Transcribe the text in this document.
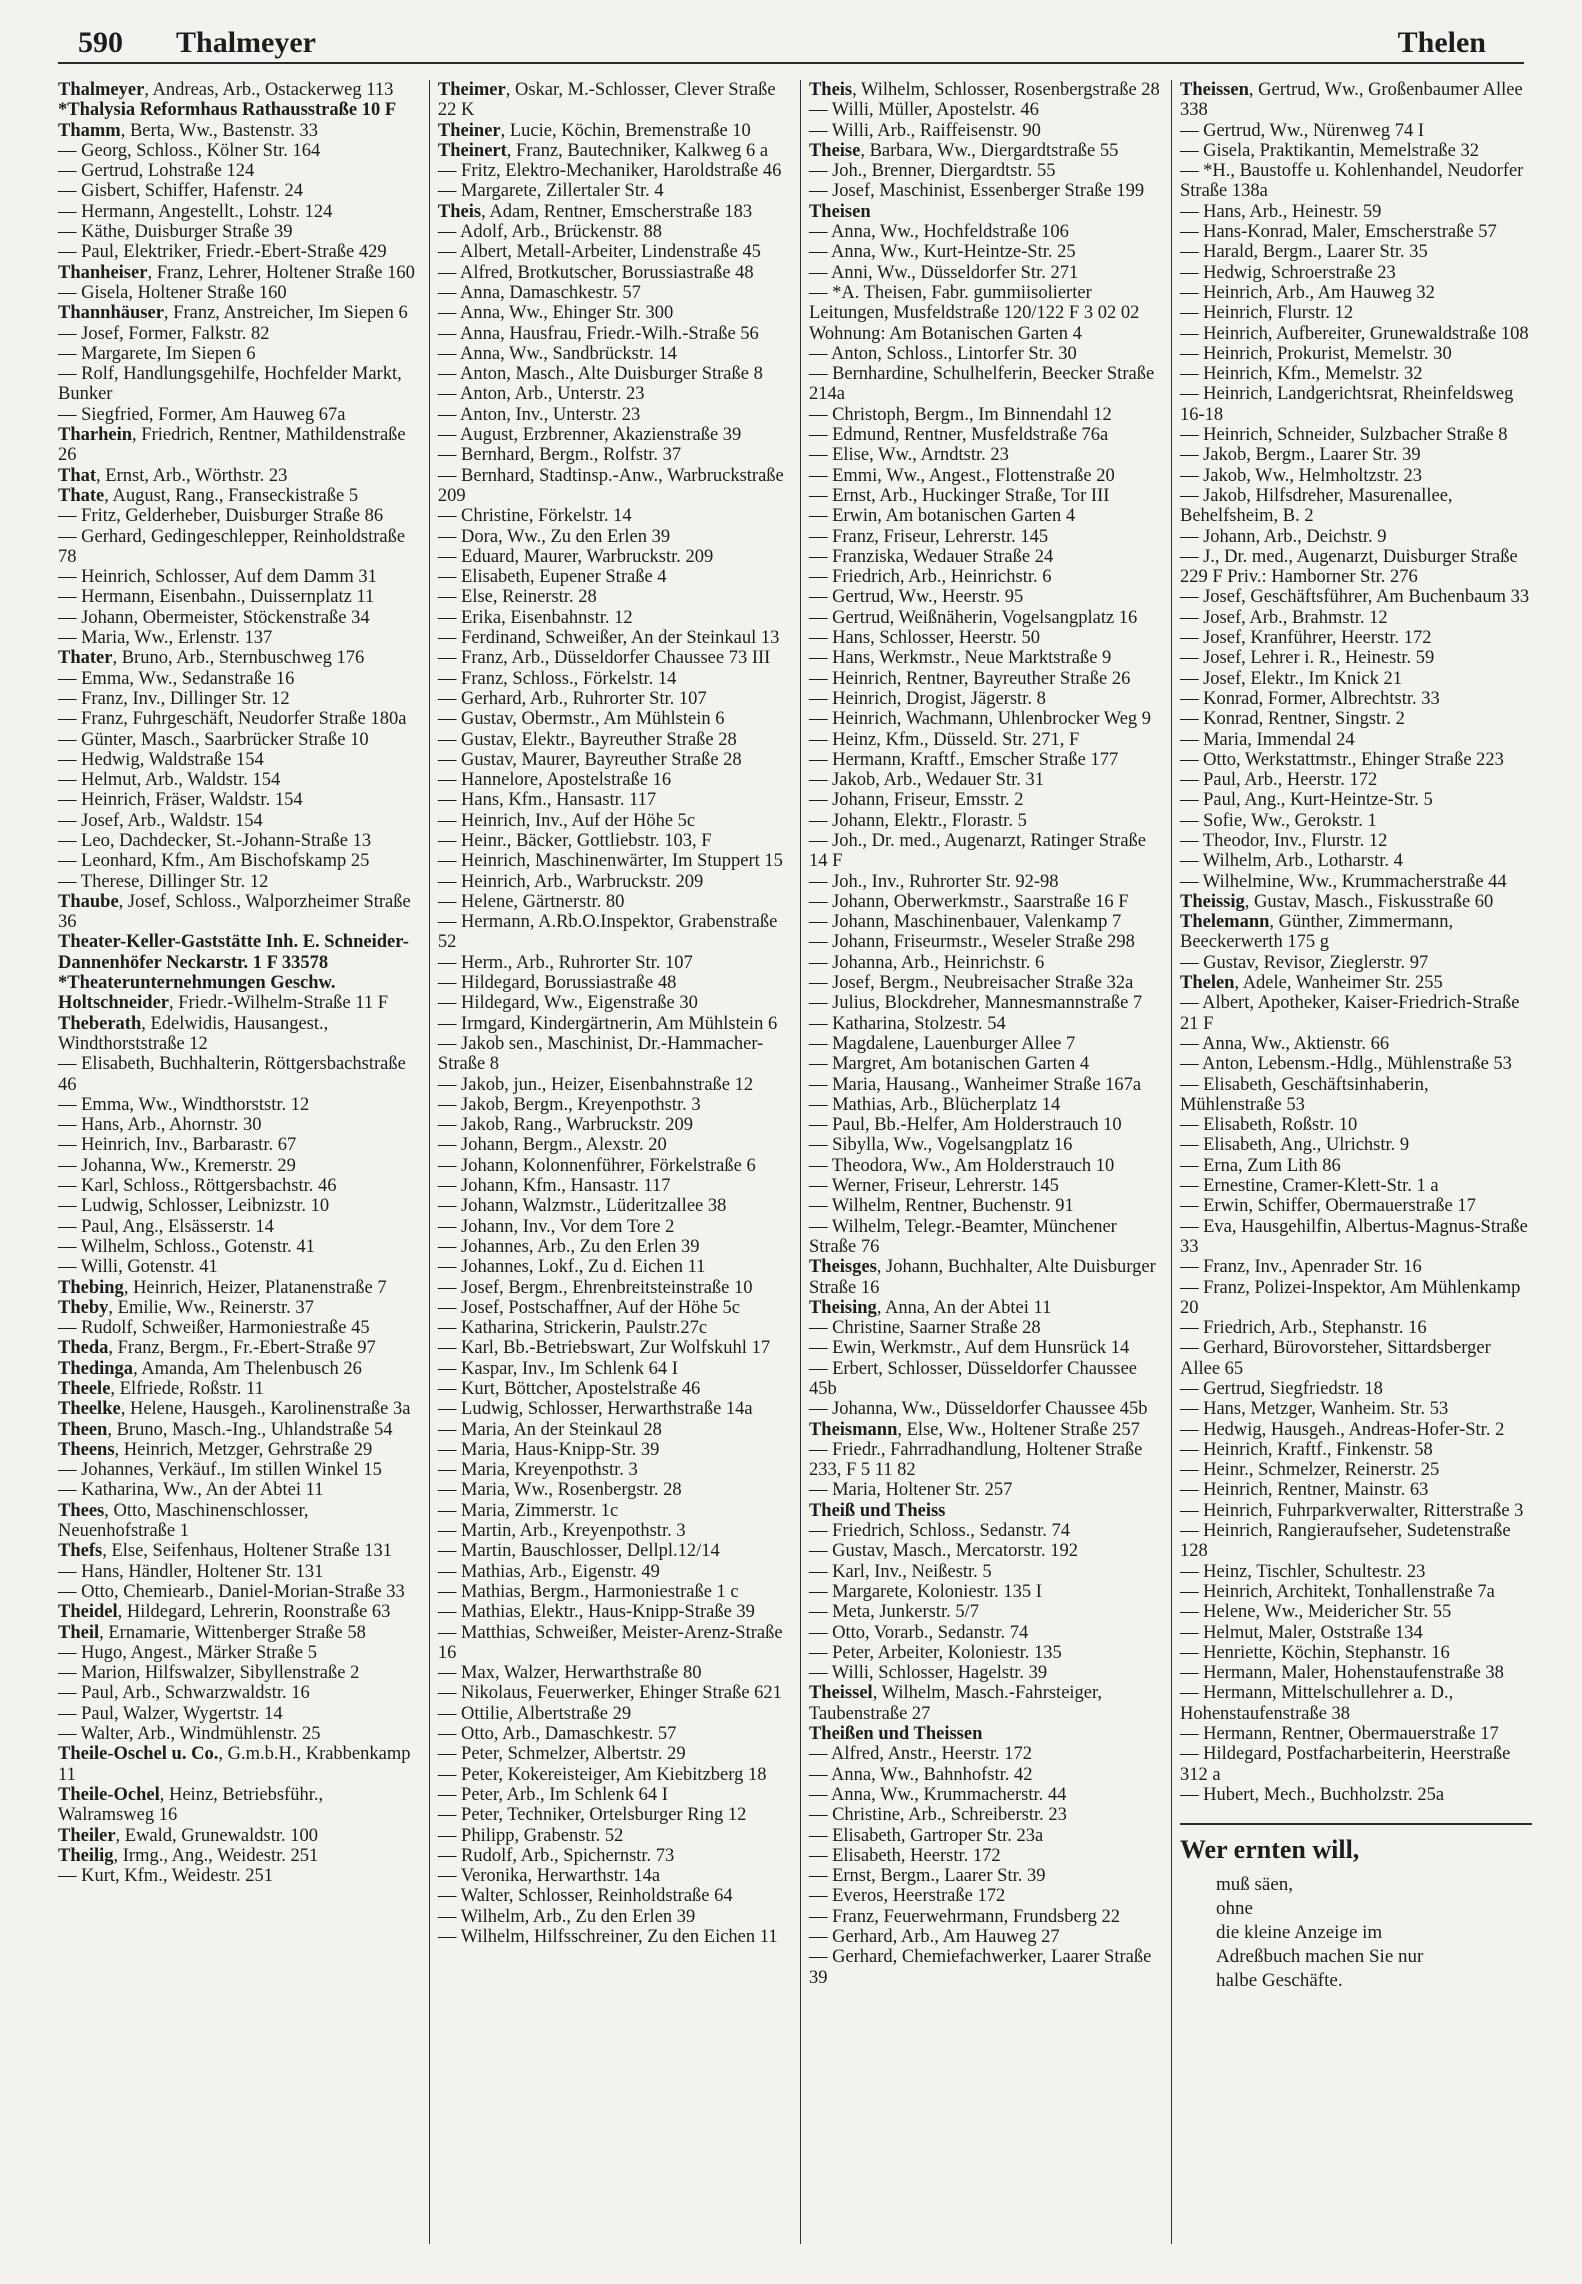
590 Thalmeyer	Thelen

Thalmeyer, Andreas, Arb., Ostackerweg 113

*Thalysia Reformhaus Rathausstraße 10 F

Thamm, Berta, Ww., Bastenstr. 33

— Georg, Schloss., Kölner Str. 164

— Gertrud, Lohstraße 124

— Gisbert, Schiffer, Hafenstr. 24

— Hermann, Angestellt., Lohstr. 124

— Käthe, Duisburger Straße 39

— Paul, Elektriker, Friedr.-Ebert-Straße 429

Thanheiser, Franz, Lehrer, Holtener Straße 160

— Gisela, Holtener Straße 160

Thannhäuser, Franz, Anstreicher, Im Siepen 6

— Josef, Former, Falkstr. 82

— Margarete, Im Siepen 6

— Rolf, Handlungsgehilfe, Hochfelder Markt, Bunker

— Siegfried, Former, Am Hauweg 67a

Tharhein, Friedrich, Rentner, Mathildenstraße 26

That, Ernst, Arb., Wörthstr. 23

Thate, August, Rang., Franseckistraße 5

— Fritz, Gelderheber, Duisburger Straße 86

— Gerhard, Gedingeschlepper, Reinholdstraße 78

— Heinrich, Schlosser, Auf dem Damm 31

— Hermann, Eisenbahn., Duissernplatz 11

— Johann, Obermeister, Stöckenstraße 34

— Maria, Ww., Erlenstr. 137

Thater, Bruno, Arb., Sternbuschweg 176

— Emma, Ww., Sedanstraße 16

— Franz, Inv., Dillinger Str. 12

— Franz, Fuhrgeschäft, Neudorfer Straße 180a

— Günter, Masch., Saarbrücker Straße 10

— Hedwig, Waldstraße 154

— Helmut, Arb., Waldstr. 154

— Heinrich, Fräser, Waldstr. 154

— Josef, Arb., Waldstr. 154

— Leo, Dachdecker, St.-Johann-Straße 13

— Leonhard, Kfm., Am Bischofskamp 25

— Therese, Dillinger Str. 12

Thaube, Josef, Schloss., Walporzheimer Straße 36

Theater-Keller-Gaststätte Inh. E. Schneider-Dannenhöfer Neckarstr. 1 F 33578

*Theaterunternehmungen Geschw. Holtschneider, Friedr.-Wilhelm-Straße 11 F

Theberath, Edelwidis, Hausangest., Windthorststraße 12

— Elisabeth, Buchhalterin, Röttgersbachstraße 46

— Emma, Ww., Windthorststr. 12

— Hans, Arb., Ahornstr. 30

— Heinrich, Inv., Barbarastr. 67

— Johanna, Ww., Kremerstr. 29

— Karl, Schloss., Röttgersbachstr. 46

— Ludwig, Schlosser, Leibnizstr. 10

— Paul, Ang., Elsässerstr. 14

— Wilhelm, Schloss., Gotenstr. 41

— Willi, Gotenstr. 41

Thebing, Heinrich, Heizer, Platanenstraße 7

Theby, Emilie, Ww., Reinerstr. 37

— Rudolf, Schweißer, Harmoniestraße 45

Theda, Franz, Bergm., Fr.-Ebert-Straße 97

Thedinga, Amanda, Am Thelenbusch 26

Theele, Elfriede, Roßstr. 11

Theelke, Helene, Hausgeh., Karolinenstraße 3a

Theen, Bruno, Masch.-Ing., Uhlandstraße 54

Theens, Heinrich, Metzger, Gehrstraße 29

— Johannes, Verkäuf., Im stillen Winkel 15

— Katharina, Ww., An der Abtei 11

Thees, Otto, Maschinenschlosser, Neuenhofstraße 1

Thefs, Else, Seifenhaus, Holtener Straße 131

— Hans, Händler, Holtener Str. 131

— Otto, Chemiearb., Daniel-Morian-Straße 33

Theidel, Hildegard, Lehrerin, Roonstraße 63

Theil, Ernamarie, Wittenberger Straße 58

— Hugo, Angest., Märker Straße 5

— Marion, Hilfswalzer, Sibyllenstraße 2

— Paul, Arb., Schwarzwaldstr. 16

— Paul, Walzer, Wygertstr. 14

— Walter, Arb., Windmühlenstr. 25

Theile-Oschel u. Co., G.m.b.H., Krabbenkamp 11

Theile-Ochel, Heinz, Betriebsführ., Walramsweg 16

Theiler, Ewald, Grunewaldstr. 100

Theilig, Irmg., Ang., Weidestr. 251

— Kurt, Kfm., Weidestr. 251

Theimer, Oskar, M.-Schlosser, Clever Straße 22 K

Theiner, Lucie, Köchin, Bremenstraße 10

Theinert, Franz, Bautechniker, Kalkweg 6 a

— Fritz, Elektro-Mechaniker, Haroldstraße 46

— Margarete, Zillertaler Str. 4

Theis, Adam, Rentner, Emscherstraße 183

— Adolf, Arb., Brückenstr. 88

— Albert, Metall-Arbeiter, Lindenstraße 45

— Alfred, Brotkutscher, Borussiastraße 48

— Anna, Damaschkestr. 57

— Anna, Ww., Ehinger Str. 300

— Anna, Hausfrau, Friedr.-Wilh.-Straße 56

— Anna, Ww., Sandbrückstr. 14

— Anton, Masch., Alte Duisburger Straße 8

— Anton, Arb., Unterstr. 23

— Anton, Inv., Unterstr. 23

— August, Erzbrenner, Akazienstraße 39

— Bernhard, Bergm., Rolfstr. 37

— Bernhard, Stadtinsp.-Anw., Warbruckstraße 209

— Christine, Förkelstr. 14

— Dora, Ww., Zu den Erlen 39

— Eduard, Maurer, Warbruckstr. 209

— Elisabeth, Eupener Straße 4

— Else, Reinerstr. 28

— Erika, Eisenbahnstr. 12

— Ferdinand, Schweißer, An der Steinkaul 13

— Franz, Arb., Düsseldorfer Chaussee 73 III

— Franz, Schloss., Förkelstr. 14

— Gerhard, Arb., Ruhrorter Str. 107

— Gustav, Obermstr., Am Mühlstein 6

— Gustav, Elektr., Bayreuther Straße 28

— Gustav, Maurer, Bayreuther Straße 28

— Hannelore, Apostelstraße 16

— Hans, Kfm., Hansastr. 117

— Heinrich, Inv., Auf der Höhe 5c

— Heinr., Bäcker, Gottliebstr. 103, F

— Heinrich, Maschinenwärter, Im Stuppert 15

— Heinrich, Arb., Warbruckstr. 209

— Helene, Gärtnerstr. 80

— Hermann, A.Rb.O.Inspektor, Grabenstraße 52

— Herm., Arb., Ruhrorter Str. 107

— Hildegard, Borussiastraße 48

— Hildegard, Ww., Eigenstraße 30

— Irmgard, Kindergärtnerin, Am Mühlstein 6

— Jakob sen., Maschinist, Dr.-Hammacher-Straße 8

— Jakob, jun., Heizer, Eisenbahnstraße 12

— Jakob, Bergm., Kreyenpothstr. 3

— Jakob, Rang., Warbruckstr. 209

— Johann, Bergm., Alexstr. 20

— Johann, Kolonnenführer, Förkelstraße 6

— Johann, Kfm., Hansastr. 117

— Johann, Walzmstr., Lüderitzallee 38

— Johann, Inv., Vor dem Tore 2

— Johannes, Arb., Zu den Erlen 39

— Johannes, Lokf., Zu d. Eichen 11

— Josef, Bergm., Ehrenbreitsteinstraße 10

— Josef, Postschaffner, Auf der Höhe 5c

— Katharina, Strickerin, Paulstr.27c

— Karl, Bb.-Betriebswart, Zur Wolfskuhl 17

— Kaspar, Inv., Im Schlenk 64 I

— Kurt, Böttcher, Apostelstraße 46

— Ludwig, Schlosser, Herwarthstraße 14a

— Maria, An der Steinkaul 28

— Maria, Haus-Knipp-Str. 39

— Maria, Kreyenpothstr. 3

— Maria, Ww., Rosenbergstr. 28

— Maria, Zimmerstr. 1c

— Martin, Arb., Kreyenpothstr. 3

— Martin, Bauschlosser, Dellpl.12/14

— Mathias, Arb., Eigenstr. 49

— Mathias, Bergm., Harmoniestraße 1 c

— Mathias, Elektr., Haus-Knipp-Straße 39

— Matthias, Schweißer, Meister-Arenz-Straße 16

— Max, Walzer, Herwarthstraße 80

— Nikolaus, Feuerwerker, Ehinger Straße 621

— Ottilie, Albertstraße 29

— Otto, Arb., Damaschkestr. 57

— Peter, Schmelzer, Albertstr. 29

— Peter, Kokereisteiger, Am Kiebitzberg 18

— Peter, Arb., Im Schlenk 64 I

— Peter, Techniker, Ortelsburger Ring 12

— Philipp, Grabenstr. 52

— Rudolf, Arb., Spichernstr. 73

— Veronika, Herwarthstr. 14a

— Walter, Schlosser, Reinholdstraße 64

— Wilhelm, Arb., Zu den Erlen 39

— Wilhelm, Hilfsschreiner, Zu den Eichen 11

Theis, Wilhelm, Schlosser, Rosenbergstraße 28

— Willi, Müller, Apostelstr. 46

— Willi, Arb., Raiffeisenstr. 90

Theise, Barbara, Ww., Diergardtstraße 55

— Joh., Brenner, Diergardtstr. 55

— Josef, Maschinist, Essenberger Straße 199

Theisen

— Anna, Ww., Hochfeldstraße 106

— Anna, Ww., Kurt-Heintze-Str. 25

— Anni, Ww., Düsseldorfer Str. 271

— *A. Theisen, Fabr. gummiisolierter Leitungen, Musfeldstraße 120/122 F 3 02 02 Wohnung: Am Botanischen Garten 4

— Anton, Schloss., Lintorfer Str. 30

— Bernhardine, Schulhelferin, Beecker Straße 214a

— Christoph, Bergm., Im Binnendahl 12

— Edmund, Rentner, Musfeldstraße 76a

— Elise, Ww., Arndtstr. 23

— Emmi, Ww., Angest., Flottenstraße 20

— Ernst, Arb., Huckinger Straße, Tor III

— Erwin, Am botanischen Garten 4

— Franz, Friseur, Lehrerstr. 145

— Franziska, Wedauer Straße 24

— Friedrich, Arb., Heinrichstr. 6

— Gertrud, Ww., Heerstr. 95

— Gertrud, Weißnäherin, Vogelsangplatz 16

— Hans, Schlosser, Heerstr. 50

— Hans, Werkmstr., Neue Marktstraße 9

— Heinrich, Rentner, Bayreuther Straße 26

— Heinrich, Drogist, Jägerstr. 8

— Heinrich, Wachmann, Uhlenbrocker Weg 9

— Heinz, Kfm., Düsseld. Str. 271, F

— Hermann, Kraftf., Emscher Straße 177

— Jakob, Arb., Wedauer Str. 31

— Johann, Friseur, Emsstr. 2

— Johann, Elektr., Florastr. 5

— Joh., Dr. med., Augenarzt, Ratinger Straße 14 F

— Joh., Inv., Ruhrorter Str. 92-98

— Johann, Oberwerkmstr., Saarstraße 16 F

— Johann, Maschinenbauer, Valenkamp 7

— Johann, Friseurmstr., Weseler Straße 298

— Johanna, Arb., Heinrichstr. 6

— Josef, Bergm., Neubreisacher Straße 32a

— Julius, Blockdreher, Mannesmannstraße 7

— Katharina, Stolzestr. 54

— Magdalene, Lauenburger Allee 7

— Margret, Am botanischen Garten 4

— Maria, Hausang., Wanheimer Straße 167a

— Mathias, Arb., Blücherplatz 14

— Paul, Bb.-Helfer, Am Holderstrauch 10

— Sibylla, Ww., Vogelsangplatz 16

— Theodora, Ww., Am Holderstrauch 10

— Werner, Friseur, Lehrerstr. 145

— Wilhelm, Rentner, Buchenstr. 91

— Wilhelm, Telegr.-Beamter, Münchener Straße 76

Theisges, Johann, Buchhalter, Alte Duisburger Straße 16

Theising, Anna, An der Abtei 11

— Christine, Saarner Straße 28

— Ewin, Werkmstr., Auf dem Hunsrück 14

— Erbert, Schlosser, Düsseldorfer Chaussee 45b

— Johanna, Ww., Düsseldorfer Chaussee 45b

Theismann, Else, Ww., Holtener Straße 257

— Friedr., Fahrradhandlung, Holtener Straße 233, F 5 11 82

— Maria, Holtener Str. 257

Theiß und Theiss

— Friedrich, Schloss., Sedanstr. 74

— Gustav, Masch., Mercatorstr. 192

— Karl, Inv., Neißestr. 5

— Margarete, Koloniestr. 135 I

— Meta, Junkerstr. 5/7

— Otto, Vorarb., Sedanstr. 74

— Peter, Arbeiter, Koloniestr. 135

— Willi, Schlosser, Hagelstr. 39

Theissel, Wilhelm, Masch.-Fahrsteiger, Taubenstraße 27

Theißen und Theissen

— Alfred, Anstr., Heerstr. 172

— Anna, Ww., Bahnhofstr. 42

— Anna, Ww., Krummacherstr. 44

— Christine, Arb., Schreiberstr. 23

— Elisabeth, Gartroper Str. 23a

— Elisabeth, Heerstr. 172

— Ernst, Bergm., Laarer Str. 39

— Everos, Heerstraße 172

— Franz, Feuerwehrmann, Frundsberg 22

— Gerhard, Arb., Am Hauweg 27

— Gerhard, Chemiefachwerker, Laarer Straße 39

Theissen, Gertrud, Ww., Großenbaumer Allee 338

— Gertrud, Ww., Nürenweg 74 I

— Gisela, Praktikantin, Memelstraße 32

— *H., Baustoffe u. Kohlenhandel, Neudorfer Straße 138a

— Hans, Arb., Heinestr. 59

— Hans-Konrad, Maler, Emscherstraße 57

— Harald, Bergm., Laarer Str. 35

— Hedwig, Schroerstraße 23

— Heinrich, Arb., Am Hauweg 32

— Heinrich, Flurstr. 12

— Heinrich, Aufbereiter, Grunewaldstraße 108

— Heinrich, Prokurist, Memelstr. 30

— Heinrich, Kfm., Memelstr. 32

— Heinrich, Landgerichtsrat, Rheinfeldsweg 16-18

— Heinrich, Schneider, Sulzbacher Straße 8

— Jakob, Bergm., Laarer Str. 39

— Jakob, Ww., Helmholtzstr. 23

— Jakob, Hilfsdreher, Masurenallee, Behelfsheim, B. 2

— Johann, Arb., Deichstr. 9

— J., Dr. med., Augenarzt, Duisburger Straße 229 F Priv.: Hamborner Str. 276

— Josef, Geschäftsführer, Am Buchenbaum 33

— Josef, Arb., Brahmstr. 12

— Josef, Kranführer, Heerstr. 172

— Josef, Lehrer i. R., Heinestr. 59

— Josef, Elektr., Im Knick 21

— Konrad, Former, Albrechtstr. 33

— Konrad, Rentner, Singstr. 2

— Maria, Immendal 24

— Otto, Werkstattmstr., Ehinger Straße 223

— Paul, Arb., Heerstr. 172

— Paul, Ang., Kurt-Heintze-Str. 5

— Sofie, Ww., Gerokstr. 1

— Theodor, Inv., Flurstr. 12

— Wilhelm, Arb., Lotharstr. 4

— Wilhelmine, Ww., Krummacherstraße 44

Theissig, Gustav, Masch., Fiskusstraße 60

Thelemann, Günther, Zimmermann, Beeckerwerth 175 g

— Gustav, Revisor, Zieglerstr. 97

Thelen, Adele, Wanheimer Str. 255

— Albert, Apotheker, Kaiser-Friedrich-Straße 21 F

— Anna, Ww., Aktienstr. 66

— Anton, Lebensm.-Hdlg., Mühlenstraße 53

— Elisabeth, Geschäftsinhaberin, Mühlenstraße 53

— Elisabeth, Roßstr. 10

— Elisabeth, Ang., Ulrichstr. 9

— Erna, Zum Lith 86

— Ernestine, Cramer-Klett-Str. 1 a

— Erwin, Schiffer, Obermauerstraße 17

— Eva, Hausgehilfin, Albertus-Magnus-Straße 33

— Franz, Inv., Apenrader Str. 16

— Franz, Polizei-Inspektor, Am Mühlenkamp 20

— Friedrich, Arb., Stephanstr. 16

— Gerhard, Bürovorsteher, Sittardsberger Allee 65

— Gertrud, Siegfriedstr. 18

— Hans, Metzger, Wanheim. Str. 53

— Hedwig, Hausgeh., Andreas-Hofer-Str. 2

— Heinrich, Kraftf., Finkenstr. 58

— Heinr., Schmelzer, Reinerstr. 25

— Heinrich, Rentner, Mainstr. 63

— Heinrich, Fuhrparkverwalter, Ritterstraße 3

— Heinrich, Rangieraufseher, Sudetenstraße 128

— Heinz, Tischler, Schultestr. 23

— Heinrich, Architekt, Tonhallenstraße 7a

— Helene, Ww., Meidericher Str. 55

— Helmut, Maler, Oststraße 134

— Henriette, Köchin, Stephanstr. 16

— Hermann, Maler, Hohenstaufenstraße 38

— Hermann, Mittelschullehrer a. D., Hohenstaufenstraße 38

— Hermann, Rentner, Obermauerstraße 17

— Hildegard, Postfacharbeiterin, Heerstraße 312 a

— Hubert, Mech., Buchholzstr. 25a

Wer ernten will,
muß säen,
ohne
die kleine Anzeige im
Adreßbuch machen Sie nur
halbe Geschäfte.
